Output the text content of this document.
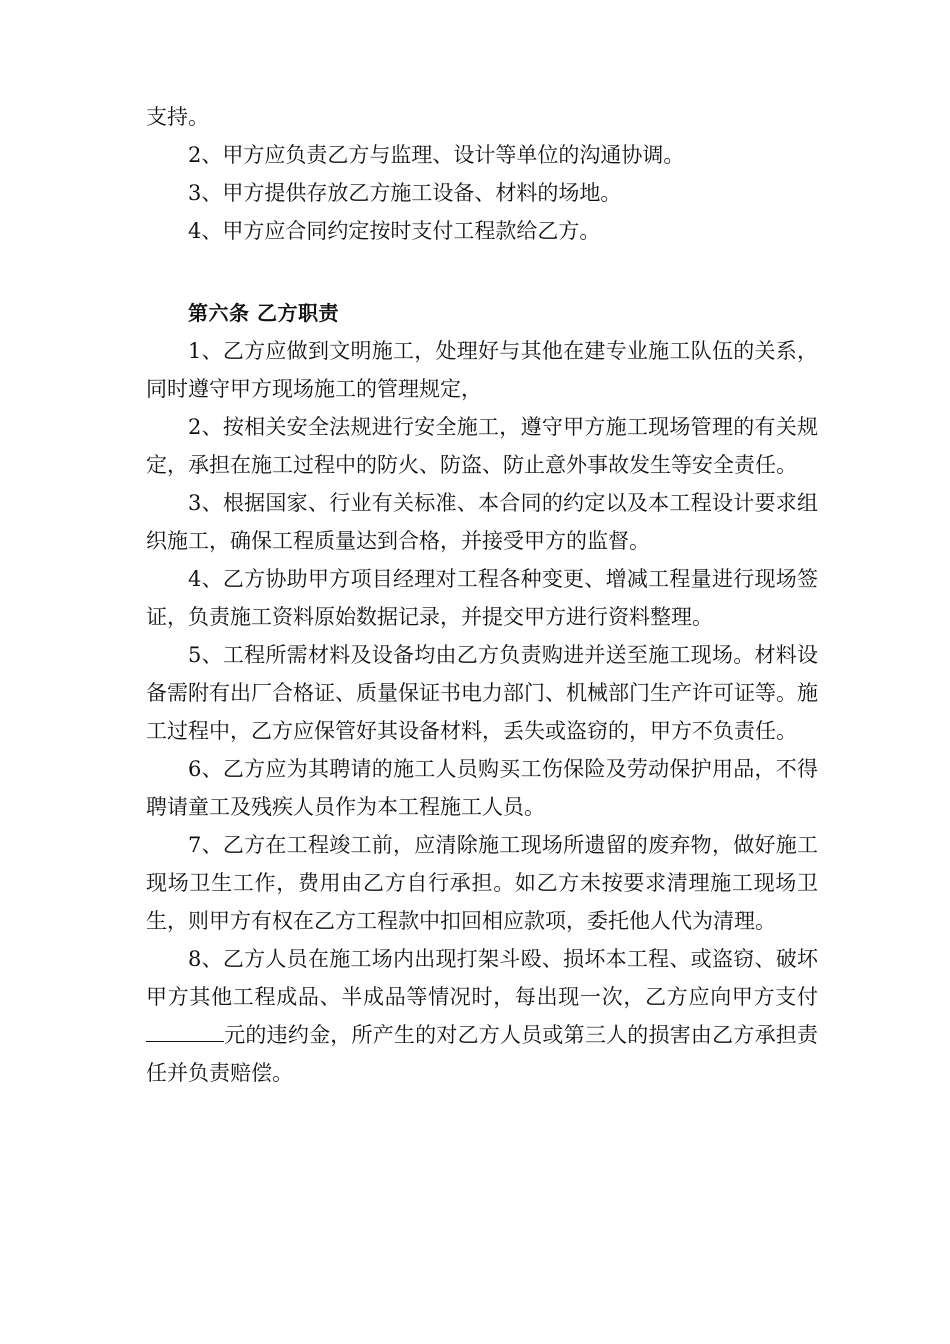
支持。

2、甲方应负责乙方与监理、设计等单位的沟通协调。

3、甲方提供存放乙方施工设备、材料的场地。

4、甲方应合同约定按时支付工程款给乙方。

第六条 乙方职责

1、乙方应做到文明施工，处理好与其他在建专业施工队伍的关系，同时遵守甲方现场施工的管理规定，

2、按相关安全法规进行安全施工，遵守甲方施工现场管理的有关规定，承担在施工过程中的防火、防盗、防止意外事故发生等安全责任。

3、根据国家、行业有关标准、本合同的约定以及本工程设计要求组织施工，确保工程质量达到合格，并接受甲方的监督。

4、乙方协助甲方项目经理对工程各种变更、增减工程量进行现场签证，负责施工资料原始数据记录，并提交甲方进行资料整理。

5、工程所需材料及设备均由乙方负责购进并送至施工现场。材料设备需附有出厂合格证、质量保证书电力部门、机械部门生产许可证等。施工过程中，乙方应保管好其设备材料，丢失或盗窃的，甲方不负责任。

6、乙方应为其聘请的施工人员购买工伤保险及劳动保护用品，不得聘请童工及残疾人员作为本工程施工人员。

7、乙方在工程竣工前，应清除施工现场所遗留的废弃物，做好施工现场卫生工作，费用由乙方自行承担。如乙方未按要求清理施工现场卫生，则甲方有权在乙方工程款中扣回相应款项，委托他人代为清理。

8、乙方人员在施工场内出现打架斗殴、损坏本工程、或盗窃、破坏甲方其他工程成品、半成品等情况时，每出现一次，乙方应向甲方支付元的违约金，所产生的对乙方人员或第三人的损害由乙方承担责任并负责赔偿。
